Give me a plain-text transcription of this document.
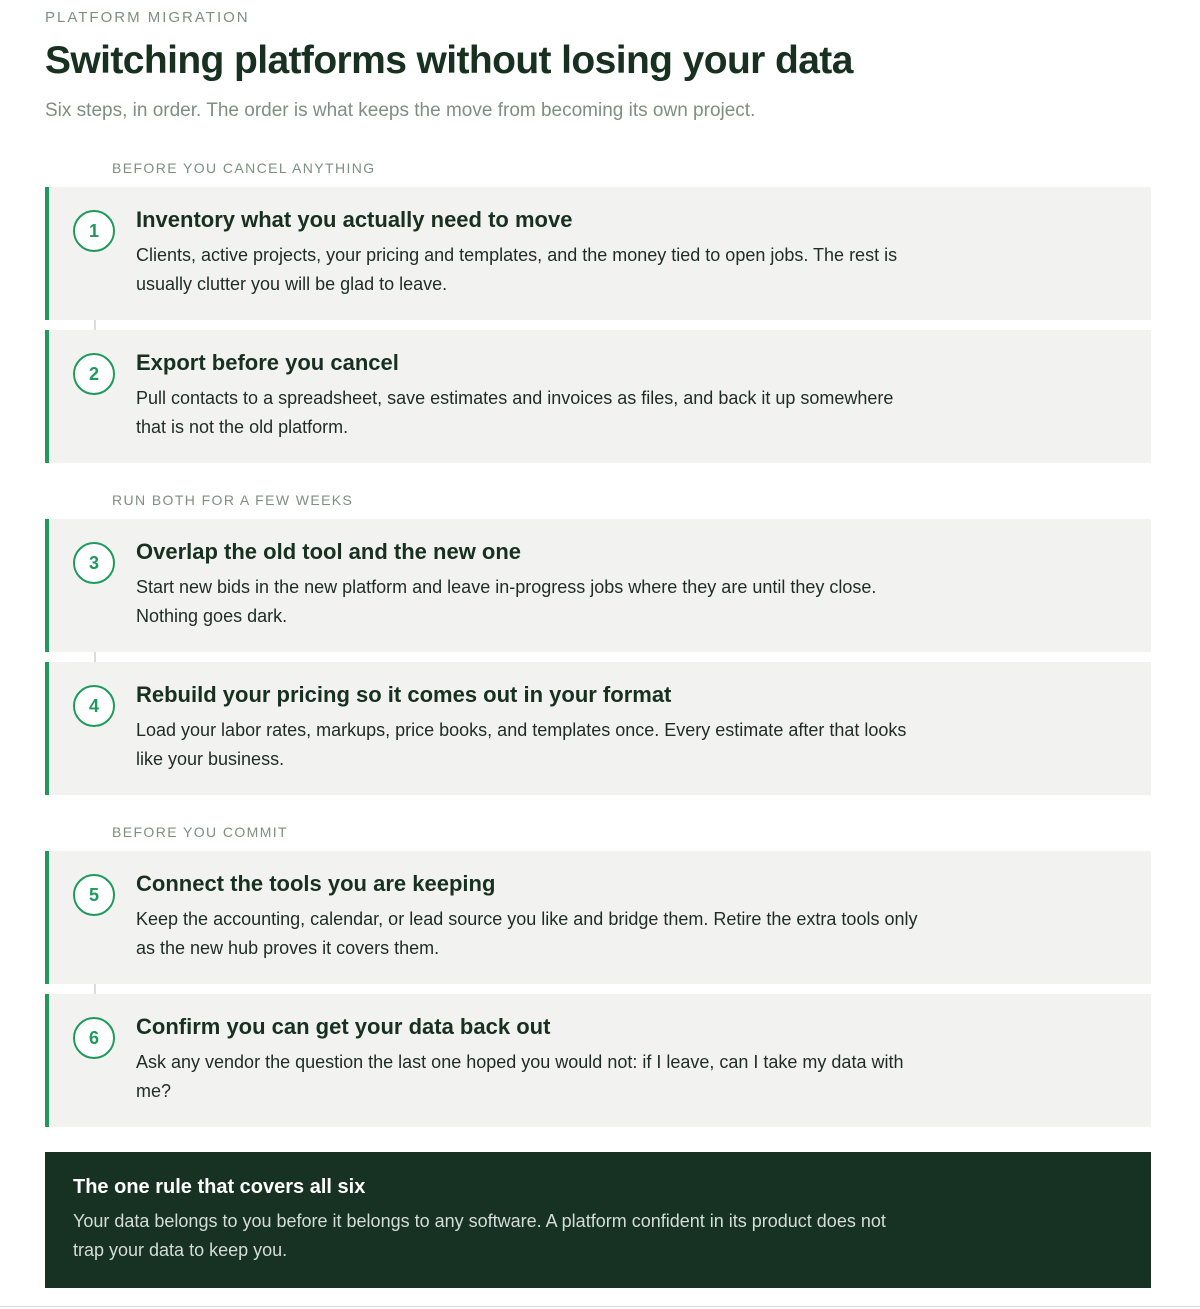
PLATFORM MIGRATION
Switching platforms without losing your data
Six steps, in order. The order is what keeps the move from becoming its own project.
BEFORE YOU CANCEL ANYTHING
1	Inventory what you actually need to move

Clients, active projects, your pricing and templates, and the money tied to open jobs. The rest is usually clutter you will be glad to leave.

2	Export before you cancel

Pull contacts to a spreadsheet, save estimates and invoices as files, and back it up somewhere that is not the old platform.

RUN BOTH FOR A FEW WEEKS
3	Overlap the old tool and the new one

Start new bids in the new platform and leave in-progress jobs where they are until they close. Nothing goes dark.

4	Rebuild your pricing so it comes out in your format

Load your labor rates, markups, price books, and templates once. Every estimate after that looks like your business.

BEFORE YOU COMMIT
5	Connect the tools you are keeping

Keep the accounting, calendar, or lead source you like and bridge them. Retire the extra tools only as the new hub proves it covers them.

6	Confirm you can get your data back out

Ask any vendor the question the last one hoped you would not: if I leave, can I take my data with me?

The one rule that covers all six

Your data belongs to you before it belongs to any software. A platform confident in its product does not trap your data to keep you.
